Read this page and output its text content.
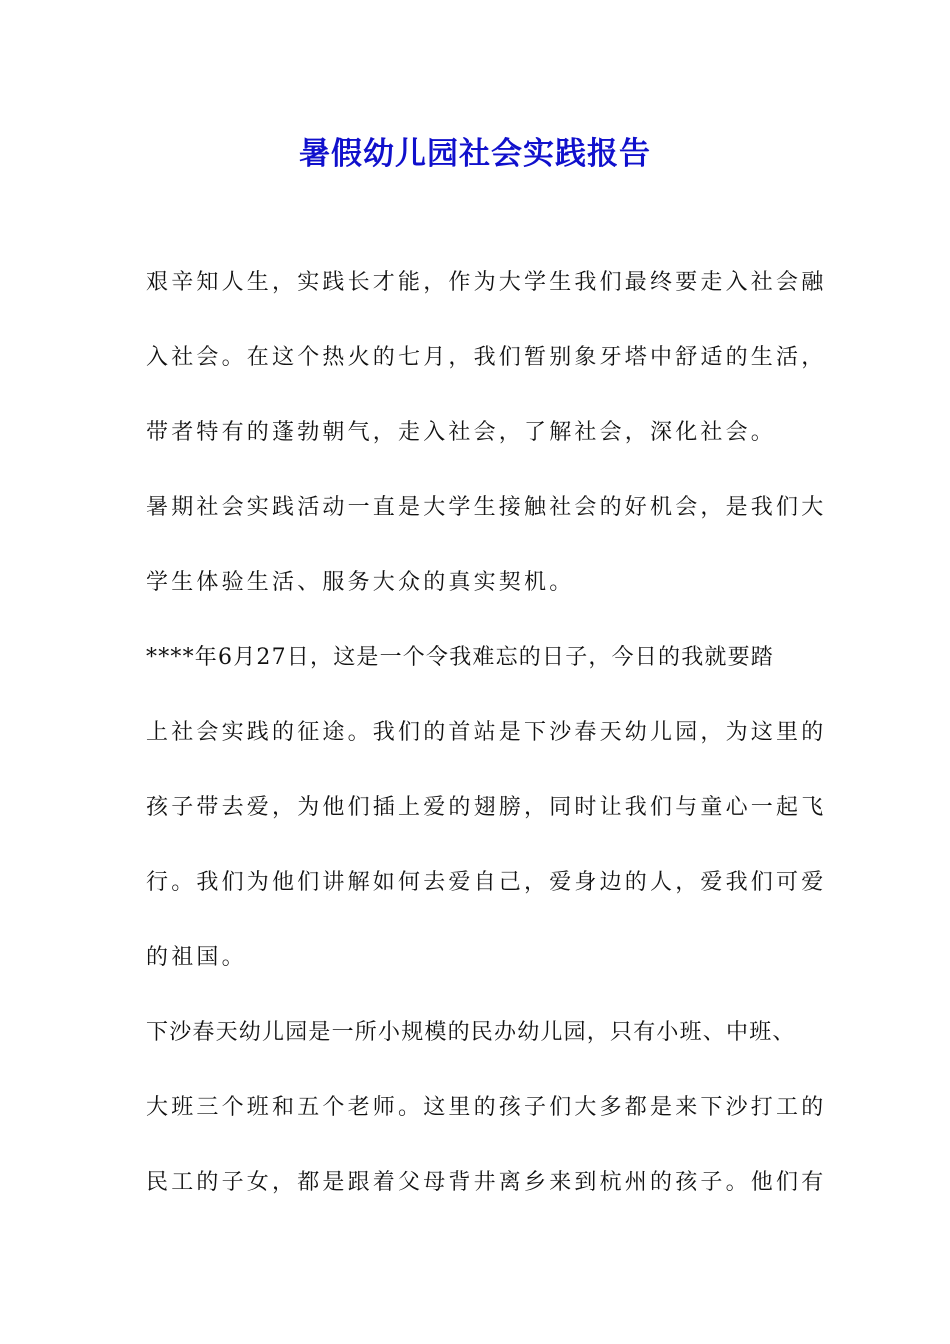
暑假幼儿园社会实践报告
艰辛知人生，实践长才能，作为大学生我们最终要走入社会融
入社会。在这个热火的七月，我们暂别象牙塔中舒适的生活，
带者特有的蓬勃朝气，走入社会，了解社会，深化社会。
暑期社会实践活动一直是大学生接触社会的好机会，是我们大
学生体验生活、服务大众的真实契机。
****年6月27日，这是一个令我难忘的日子，今日的我就要踏
上社会实践的征途。我们的首站是下沙春天幼儿园，为这里的
孩子带去爱，为他们插上爱的翅膀，同时让我们与童心一起飞
行。我们为他们讲解如何去爱自己，爱身边的人，爱我们可爱
的祖国。
下沙春天幼儿园是一所小规模的民办幼儿园，只有小班、中班、
大班三个班和五个老师。这里的孩子们大多都是来下沙打工的
民工的子女，都是跟着父母背井离乡来到杭州的孩子。他们有
